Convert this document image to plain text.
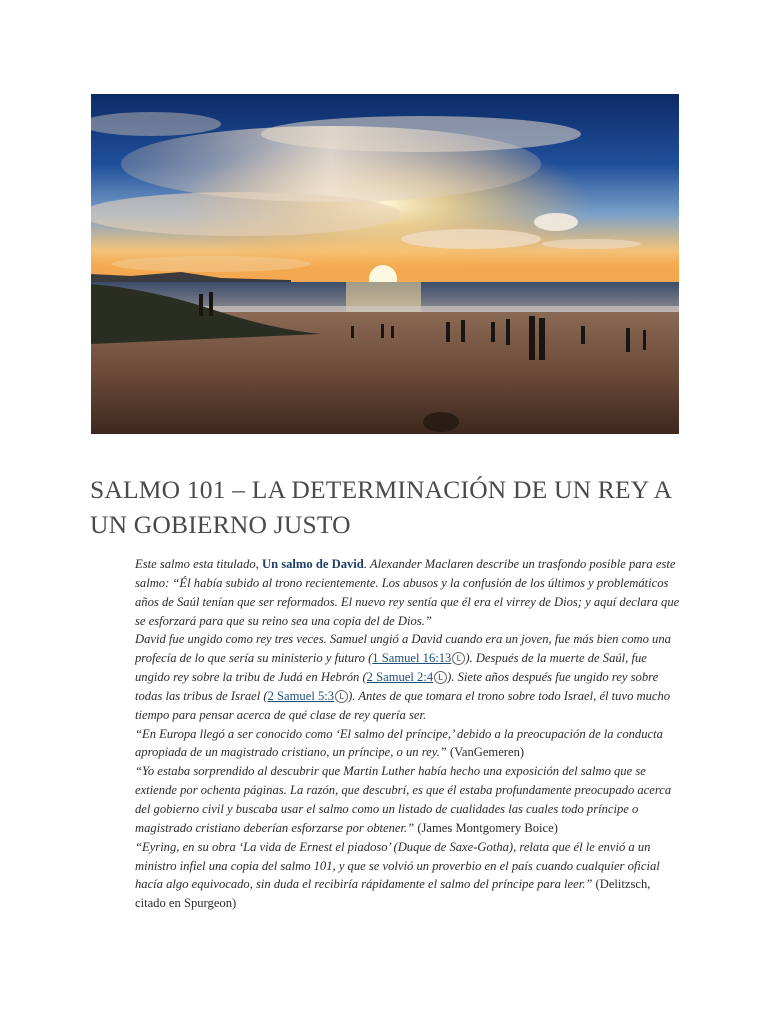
SALMO 101 – LA DETERMINACIÓN DE UN REY A UN GOBIERNO JUSTO

Este salmo esta titulado, Un salmo de David. Alexander Maclaren describe un trasfondo posible para este salmo: “Él había subido al trono recientemente. Los abusos y la confusión de los últimos y problemáticos años de Saúl tenían que ser reformados. El nuevo rey sentía que él era el virrey de Dios; y aquí declara que se esforzará para que su reino sea una copia del de Dios.”

David fue ungido como rey tres veces. Samuel ungió a David cuando era un joven, fue más bien como una profecía de lo que sería su ministerio y futuro (1 Samuel 16:13 L ). Después de la muerte de Saúl, fue ungido rey sobre la tribu de Judá en Hebrón (2 Samuel 2:4 L ). Siete años después fue ungido rey sobre todas las tribus de Israel (2 Samuel 5:3 L ). Antes de que tomara el trono sobre todo Israel, él tuvo mucho tiempo para pensar acerca de qué clase de rey quería ser.

“En Europa llegó a ser conocido como ‘El salmo del príncipe,’ debido a la preocupación de la conducta apropiada de un magistrado cristiano, un príncipe, o un rey.” (VanGemeren)

“Yo estaba sorprendido al descubrir que Martin Luther había hecho una exposición del salmo que se extiende por ochenta páginas. La razón, que descubrí, es que él estaba profundamente preocupado acerca del gobierno civil y buscaba usar el salmo como un listado de cualidades las cuales todo príncipe o magistrado cristiano deberían esforzarse por obtener.” (James Montgomery Boice)

“Eyring, en su obra ‘La vida de Ernest el piadoso’ (Duque de Saxe-Gotha), relata que él le envió a un ministro infiel una copia del salmo 101, y que se volvió un proverbio en el país cuando cualquier oficial hacía algo equivocado, sin duda el recibiría rápidamente el salmo del príncipe para leer.” (Delitzsch, citado en Spurgeon)
